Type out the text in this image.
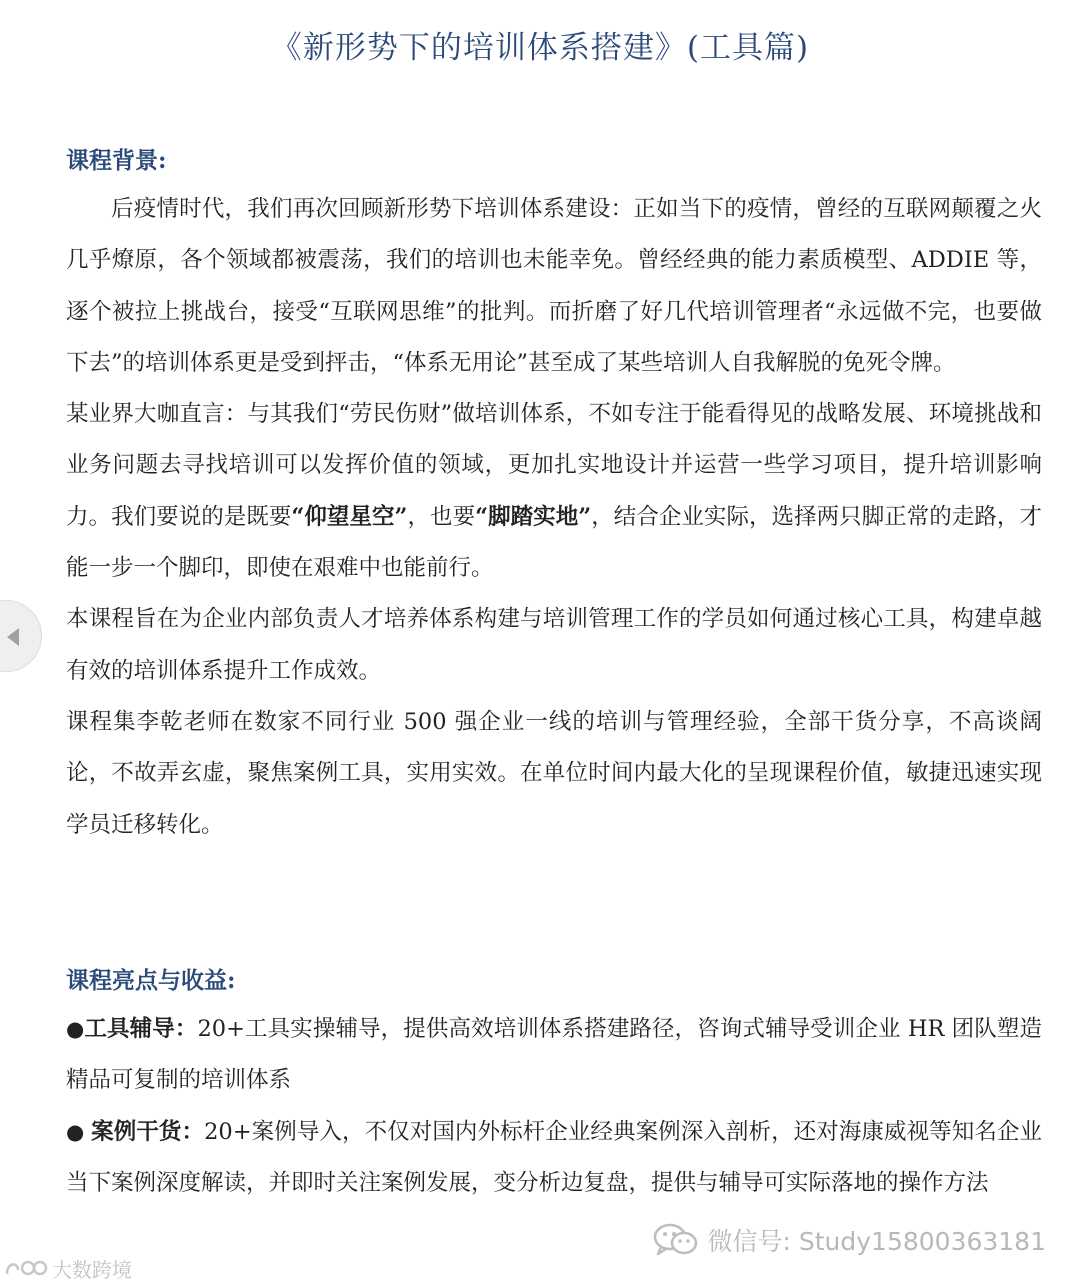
《新形势下的培训体系搭建》(工具篇)
课程背景:

后疫情时代，我们再次回顾新形势下培训体系建设：正如当下的疫情，曾经的互联网颠覆之火几乎燎原，各个领域都被震荡，我们的培训也未能幸免。曾经经典的能力素质模型、ADDIE 等，逐个被拉上挑战台，接受“互联网思维”的批判。而折磨了好几代培训管理者“永远做不完，也要做下去”的培训体系更是受到抨击，“体系无用论”甚至成了某些培训人自我解脱的免死令牌。

某业界大咖直言：与其我们“劳民伤财”做培训体系，不如专注于能看得见的战略发展、环境挑战和业务问题去寻找培训可以发挥价值的领域，更加扎实地设计并运营一些学习项目，提升培训影响力。我们要说的是既要“仰望星空”，也要“脚踏实地”，结合企业实际，选择两只脚正常的走路，才能一步一个脚印，即使在艰难中也能前行。

本课程旨在为企业内部负责人才培养体系构建与培训管理工作的学员如何通过核心工具，构建卓越有效的培训体系提升工作成效。

课程集李乾老师在数家不同行业 500 强企业一线的培训与管理经验，全部干货分享，不高谈阔论，不故弄玄虚，聚焦案例工具，实用实效。在单位时间内最大化的呈现课程价值，敏捷迅速实现学员迁移转化。

课程亮点与收益:

●工具辅导：20+工具实操辅导，提供高效培训体系搭建路径，咨询式辅导受训企业 HR 团队塑造精品可复制的培训体系

● 案例干货：20+案例导入，不仅对国内外标杆企业经典案例深入剖析，还对海康威视等知名企业当下案例深度解读，并即时关注案例发展，变分析边复盘，提供与辅导可实际落地的操作方法

微信号: Study15800363181
大数跨境
